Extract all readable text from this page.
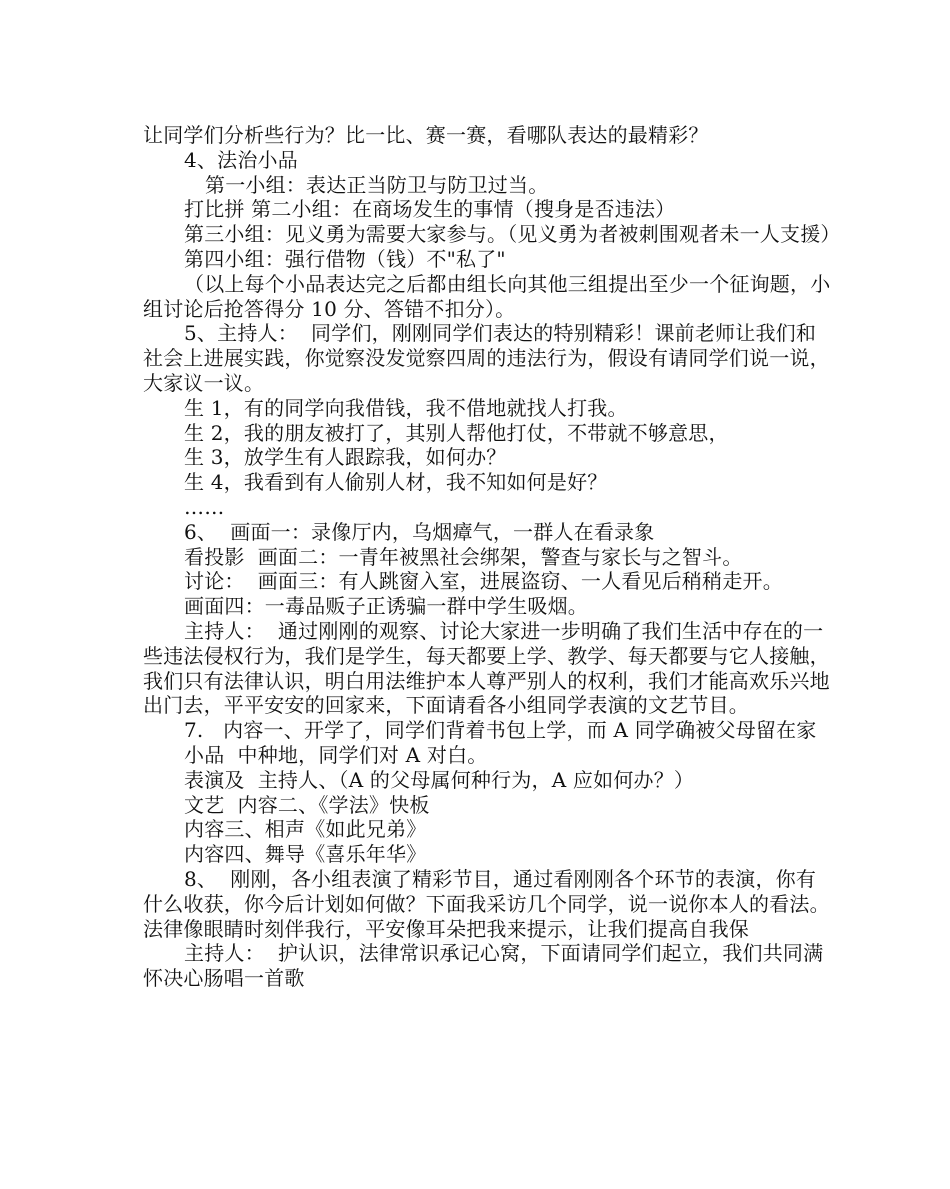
让同学们分析些行为？比一比、赛一赛，看哪队表达的最精彩？

4、法治小品

第一小组：表达正当防卫与防卫过当。

打比拼 第二小组：在商场发生的事情（搜身是否违法）

第三小组：见义勇为需要大家参与。（见义勇为者被刺围观者未一人支援）

第四小组：强行借物（钱）不"私了"

（以上每个小品表达完之后都由组长向其他三组提出至少一个征询题，小组讨论后抢答得分 10 分、答错不扣分）。

5、主持人：  同学们，刚刚同学们表达的特别精彩！课前老师让我们和社会上进展实践，你觉察没发觉察四周的违法行为，假设有请同学们说一说，大家议一议。

生 1，有的同学向我借钱，我不借地就找人打我。

生 2，我的朋友被打了，其别人帮他打仗，不带就不够意思，

生 3，放学生有人跟踪我，如何办？

生 4，我看到有人偷别人材，我不知如何是好？

……

6、  画面一：录像厅内，乌烟瘴气，一群人在看录象

看投影  画面二：一青年被黑社会绑架，警查与家长与之智斗。

讨论：  画面三：有人跳窗入室，进展盗窃、一人看见后稍稍走开。

画面四：一毒品贩子正诱骗一群中学生吸烟。

主持人：  通过刚刚的观察、讨论大家进一步明确了我们生活中存在的一些违法侵权行为，我们是学生，每天都要上学、教学、每天都要与它人接触，我们只有法律认识，明白用法维护本人尊严别人的权利，我们才能高欢乐兴地出门去，平平安安的回家来，下面请看各小组同学表演的文艺节目。

7.   内容一、开学了，同学们背着书包上学，而 A 同学确被父母留在家

小品  中种地，同学们对 A 对白。

表演及  主持人、（A 的父母属何种行为，A 应如何办？）

文艺  内容二、《学法》快板

内容三、相声《如此兄弟》

内容四、舞导《喜乐年华》

8、  刚刚，各小组表演了精彩节目，通过看刚刚各个环节的表演，你有什么收获，你今后计划如何做？下面我采访几个同学，说一说你本人的看法。  法律像眼睛时刻伴我行，平安像耳朵把我来提示，让我们提高自我保

主持人：  护认识，法律常识承记心窝，下面请同学们起立，我们共同满怀决心肠唱一首歌
